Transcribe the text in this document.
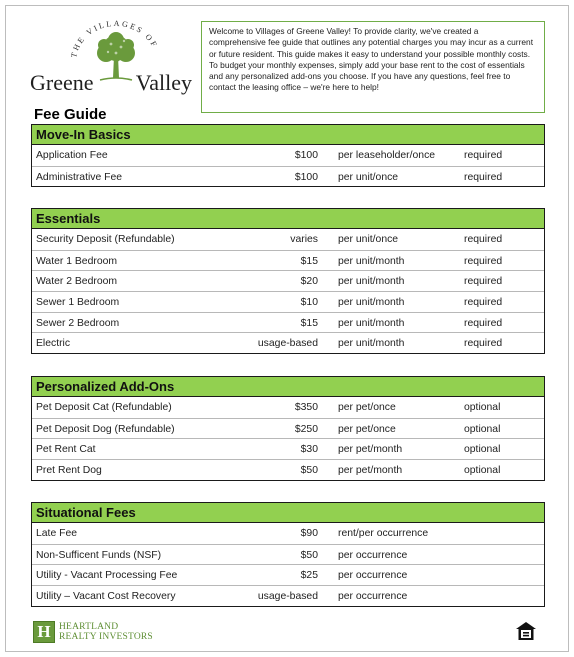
THE VILLAGES OF
Greene Valley
Welcome to Villages of Greene Valley! To provide clarity, we've created a comprehensive fee guide that outlines any potential charges you may incur as a current or future resident. This guide makes it easy to understand your possible monthly costs. To budget your monthly expenses, simply add your base rent to the cost of essentials and any personalized add-ons you choose. If you have any questions, feel free to contact the leasing office – we're here to help!
Fee Guide
Move-In Basics
Application Fee	$100 per leaseholder/once	required
Administrative Fee	$100 per unit/once	required
Essentials
Security Deposit (Refundable)	varies per unit/once	required
Water 1 Bedroom	$15 per unit/month	required
Water 2 Bedroom	$20 per unit/month	required
Sewer 1 Bedroom	$10 per unit/month	required
Sewer 2 Bedroom	$15 per unit/month	required
Electric	usage-based per unit/month	required
Personalized Add-Ons
Pet Deposit Cat (Refundable)	$350 per pet/once	optional
Pet Deposit Dog (Refundable)	$250 per pet/once	optional
Pet Rent Cat	$30 per pet/month	optional
Pret Rent Dog	$50 per pet/month	optional
Situational Fees
Late Fee	$90 rent/per occurrence
Non-Sufficent Funds (NSF)	$50 per occurrence
Utility - Vacant Processing Fee	$25 per occurrence
Utility – Vacant Cost Recovery	usage-based per occurrence
H HEARTLAND
REALTY INVESTORS
